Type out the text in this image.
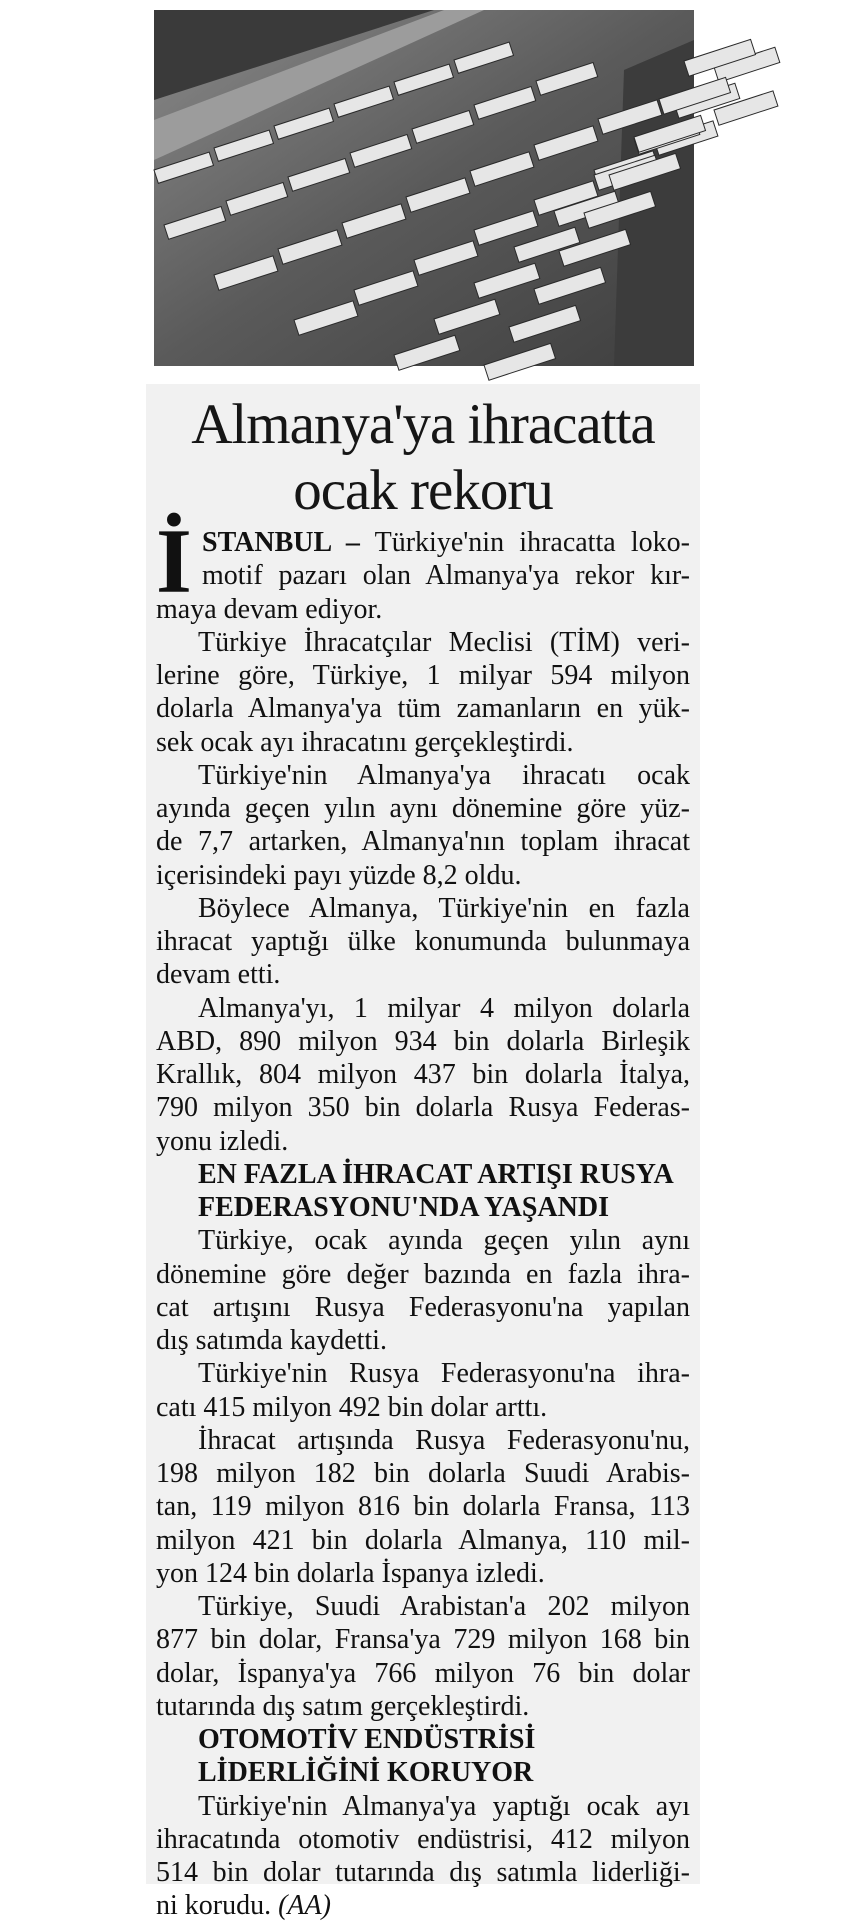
Almanya'ya ihracatta
ocak rekoru
İ STANBUL – Türkiye'nin ihracatta loko-
motif pazarı olan Almanya'ya rekor kır-
maya devam ediyor.
Türkiye İhracatçılar Meclisi (TİM) veri-
lerine göre, Türkiye, 1 milyar 594 milyon
dolarla Almanya'ya tüm zamanların en yük-
sek ocak ayı ihracatını gerçekleştirdi.
Türkiye'nin Almanya'ya ihracatı ocak
ayında geçen yılın aynı dönemine göre yüz-
de 7,7 artarken, Almanya'nın toplam ihracat
içerisindeki payı yüzde 8,2 oldu.
Böylece Almanya, Türkiye'nin en fazla
ihracat yaptığı ülke konumunda bulunmaya
devam etti.
Almanya'yı, 1 milyar 4 milyon dolarla
ABD, 890 milyon 934 bin dolarla Birleşik
Krallık, 804 milyon 437 bin dolarla İtalya,
790 milyon 350 bin dolarla Rusya Federas-
yonu izledi.
EN FAZLA İHRACAT ARTIŞI RUSYA
FEDERASYONU'NDA YAŞANDI
Türkiye, ocak ayında geçen yılın aynı
dönemine göre değer bazında en fazla ihra-
cat artışını Rusya Federasyonu'na yapılan
dış satımda kaydetti.
Türkiye'nin Rusya Federasyonu'na ihra-
catı 415 milyon 492 bin dolar arttı.
İhracat artışında Rusya Federasyonu'nu,
198 milyon 182 bin dolarla Suudi Arabis-
tan, 119 milyon 816 bin dolarla Fransa, 113
milyon 421 bin dolarla Almanya, 110 mil-
yon 124 bin dolarla İspanya izledi.
Türkiye, Suudi Arabistan'a 202 milyon
877 bin dolar, Fransa'ya 729 milyon 168 bin
dolar, İspanya'ya 766 milyon 76 bin dolar
tutarında dış satım gerçekleştirdi.
OTOMOTİV ENDÜSTRİSİ
LİDERLİĞİNİ KORUYOR
Türkiye'nin Almanya'ya yaptığı ocak ayı
ihracatında otomotiv endüstrisi, 412 milyon
514 bin dolar tutarında dış satımla liderliği-
ni korudu. (AA)
